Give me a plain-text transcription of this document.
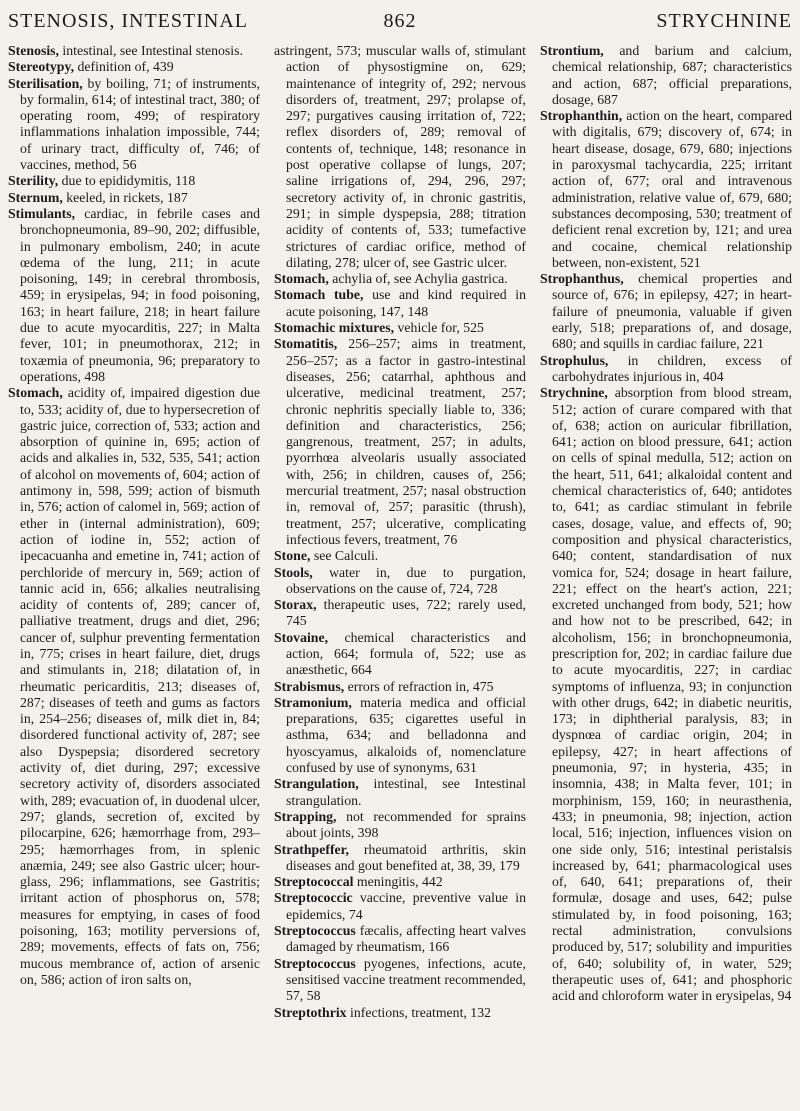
STENOSIS, INTESTINAL	862	STRYCHNINE

Stenosis, intestinal, see Intestinal stenosis.

Stereotypy, definition of, 439

Sterilisation, by boiling, 71; of instruments, by formalin, 614; of intestinal tract, 380; of operating room, 499; of respiratory inflammations inhalation impossible, 744; of urinary tract, difficulty of, 746; of vaccines, method, 56

Sterility, due to epididymitis, 118

Sternum, keeled, in rickets, 187

Stimulants, cardiac, in febrile cases and bronchopneumonia, 89–90, 202; diffusible, in pulmonary embolism, 240; in acute œdema of the lung, 211; in acute poisoning, 149; in cerebral thrombosis, 459; in erysipelas, 94; in food poisoning, 163; in heart failure, 218; in heart failure due to acute myocarditis, 227; in Malta fever, 101; in pneumothorax, 212; in toxæmia of pneumonia, 96; preparatory to operations, 498

Stomach, acidity of, impaired digestion due to, 533; acidity of, due to hypersecretion of gastric juice, correction of, 533; action and absorption of quinine in, 695; action of acids and alkalies in, 532, 535, 541; action of alcohol on movements of, 604; action of antimony in, 598, 599; action of bismuth in, 576; action of calomel in, 569; action of ether in (internal administration), 609; action of iodine in, 552; action of ipecacuanha and emetine in, 741; action of perchloride of mercury in, 569; action of tannic acid in, 656; alkalies neutralising acidity of contents of, 289; cancer of, palliative treatment, drugs and diet, 296; cancer of, sulphur preventing fermentation in, 775; crises in heart failure, diet, drugs and stimulants in, 218; dilatation of, in rheumatic pericarditis, 213; diseases of, 287; diseases of teeth and gums as factors in, 254–256; diseases of, milk diet in, 84; disordered functional activity of, 287; see also Dyspepsia; disordered secretory activity of, diet during, 297; excessive secretory activity of, disorders associated with, 289; evacuation of, in duodenal ulcer, 297; glands, secretion of, excited by pilocarpine, 626; hæmorrhage from, 293–295; hæmorrhages from, in splenic anæmia, 249; see also Gastric ulcer; hour-glass, 296; inflammations, see Gastritis; irritant action of phosphorus on, 578; measures for emptying, in cases of food poisoning, 163; motility perversions of, 289; movements, effects of fats on, 756; mucous membrance of, action of arsenic on, 586; action of iron salts on,

astringent, 573; muscular walls of, stimulant action of physostigmine on, 629; maintenance of integrity of, 292; nervous disorders of, treatment, 297; prolapse of, 297; purgatives causing irritation of, 722; reflex disorders of, 289; removal of contents of, technique, 148; resonance in post operative collapse of lungs, 207; saline irrigations of, 294, 296, 297; secretory activity of, in chronic gastritis, 291; in simple dyspepsia, 288; titration acidity of contents of, 533; tumefactive strictures of cardiac orifice, method of dilating, 278; ulcer of, see Gastric ulcer.

Stomach, achylia of, see Achylia gastrica.

Stomach tube, use and kind required in acute poisoning, 147, 148

Stomachic mixtures, vehicle for, 525

Stomatitis, 256–257; aims in treatment, 256–257; as a factor in gastro-intestinal diseases, 256; catarrhal, aphthous and ulcerative, medicinal treatment, 257; chronic nephritis specially liable to, 336; definition and characteristics, 256; gangrenous, treatment, 257; in adults, pyorrhœa alveolaris usually associated with, 256; in children, causes of, 256; mercurial treatment, 257; nasal obstruction in, removal of, 257; parasitic (thrush), treatment, 257; ulcerative, complicating infectious fevers, treatment, 76

Stone, see Calculi.

Stools, water in, due to purgation, observations on the cause of, 724, 728

Storax, therapeutic uses, 722; rarely used, 745

Stovaine, chemical characteristics and action, 664; formula of, 522; use as anæsthetic, 664

Strabismus, errors of refraction in, 475

Stramonium, materia medica and official preparations, 635; cigarettes useful in asthma, 634; and belladonna and hyoscyamus, alkaloids of, nomenclature confused by use of synonyms, 631

Strangulation, intestinal, see Intestinal strangulation.

Strapping, not recommended for sprains about joints, 398

Strathpeffer, rheumatoid arthritis, skin diseases and gout benefited at, 38, 39, 179

Streptococcal meningitis, 442

Streptococcic vaccine, preventive value in epidemics, 74

Streptococcus fæcalis, affecting heart valves damaged by rheumatism, 166

Streptococcus pyogenes, infections, acute, sensitised vaccine treatment recommended, 57, 58

Streptothrix infections, treatment, 132

Strontium, and barium and calcium, chemical relationship, 687; characteristics and action, 687; official preparations, dosage, 687

Strophanthin, action on the heart, compared with digitalis, 679; discovery of, 674; in heart disease, dosage, 679, 680; injections in paroxysmal tachycardia, 225; irritant action of, 677; oral and intravenous administration, relative value of, 679, 680; substances decomposing, 530; treatment of deficient renal excretion by, 121; and urea and cocaine, chemical relationship between, non-existent, 521

Strophanthus, chemical properties and source of, 676; in epilepsy, 427; in heart-failure of pneumonia, valuable if given early, 518; preparations of, and dosage, 680; and squills in cardiac failure, 221

Strophulus, in children, excess of carbohydrates injurious in, 404

Strychnine, absorption from blood stream, 512; action of curare compared with that of, 638; action on auricular fibrillation, 641; action on blood pressure, 641; action on cells of spinal medulla, 512; action on the heart, 511, 641; alkaloidal content and chemical characteristics of, 640; antidotes to, 641; as cardiac stimulant in febrile cases, dosage, value, and effects of, 90; composition and physical characteristics, 640; content, standardisation of nux vomica for, 524; dosage in heart failure, 221; effect on the heart's action, 221; excreted unchanged from body, 521; how and how not to be prescribed, 642; in alcoholism, 156; in bronchopneumonia, prescription for, 202; in cardiac failure due to acute myocarditis, 227; in cardiac symptoms of influenza, 93; in conjunction with other drugs, 642; in diabetic neuritis, 173; in diphtherial paralysis, 83; in dyspnœa of cardiac origin, 204; in epilepsy, 427; in heart affections of pneumonia, 97; in hysteria, 435; in insomnia, 438; in Malta fever, 101; in morphinism, 159, 160; in neurasthenia, 433; in pneumonia, 98; injection, action local, 516; injection, influences vision on one side only, 516; intestinal peristalsis increased by, 641; pharmacological uses of, 640, 641; preparations of, their formulæ, dosage and uses, 642; pulse stimulated by, in food poisoning, 163; rectal administration, convulsions produced by, 517; solubility and impurities of, 640; solubility of, in water, 529; therapeutic uses of, 641; and phosphoric acid and chloroform water in erysipelas, 94
